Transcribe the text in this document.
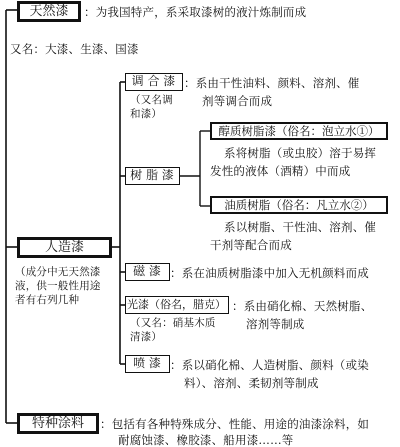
天然漆	：为我国特产，系采取漆树的液汁炼制而成
又名：大漆、生漆、国漆
人造漆
（成分中无天然漆
液，供一般性用途
者有右列几种
调 合 漆 ：系由干性油料、颜料、溶剂、催
剂等调合而成
（又名调
和漆）
树 脂 漆
醇质树脂漆（俗名：泡立水①）
系将树脂（或虫胶）溶于易挥
发性的液体（酒精）中而成
油质树脂（俗名：凡立水②）
系以树脂、干性油、溶剂、催
干剂等配合而成
磁 漆 ：系在油质树脂漆中加入无机颜料而成
光漆（俗名，腊克） ：系由硝化棉、天然树脂、
溶剂等制成
（又名：硝基木质
清漆）
喷 漆 ：系以硝化棉、人造树脂、颜料（或染
料）、溶剂、柔韧剂等制成
特种涂料	：包括有各种特殊成分、性能、用途的油漆涂料，如
耐腐蚀漆、橡胶漆、船用漆……等
